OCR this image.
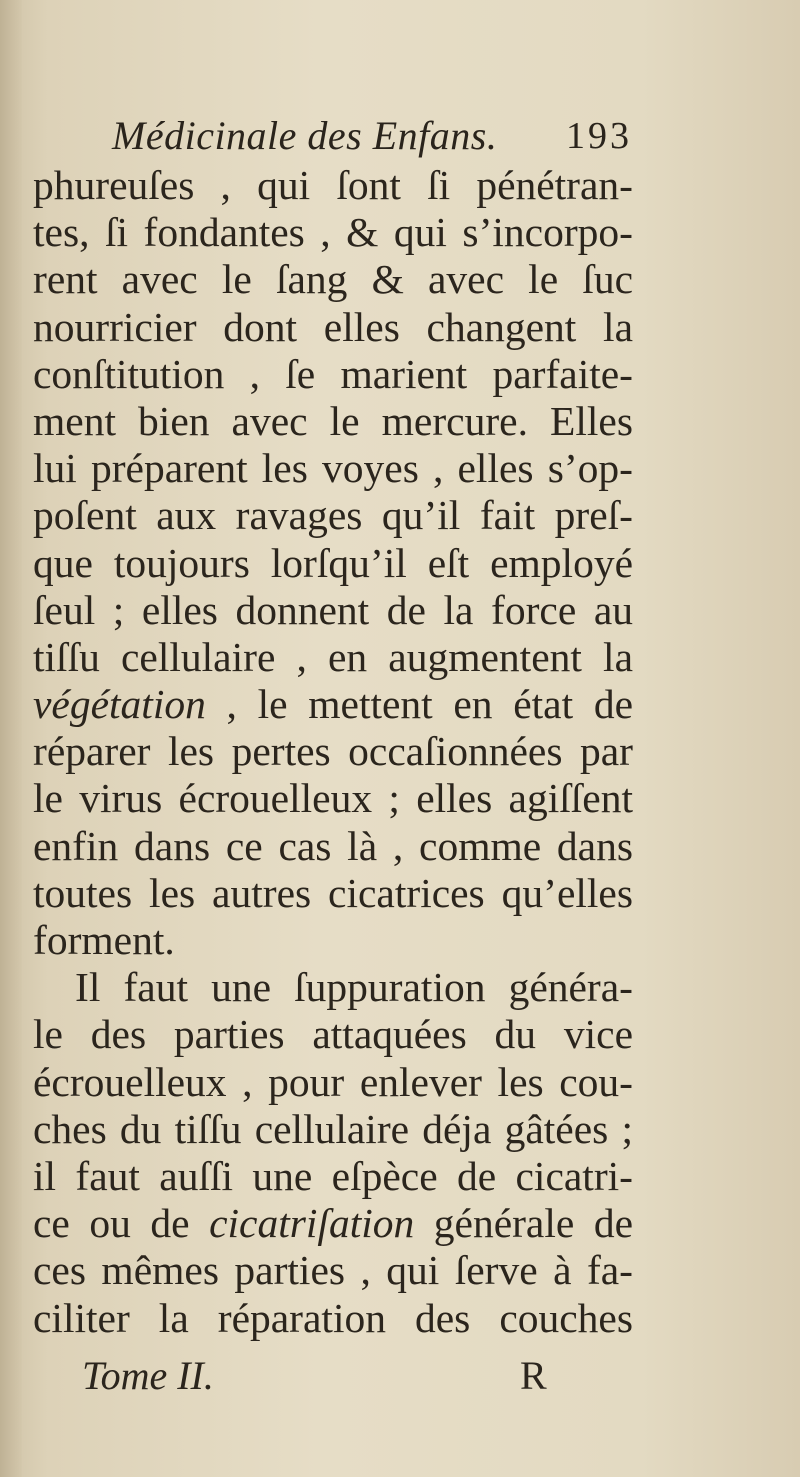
Médicinale des Enfans. 193
phureuſes , qui ſont ſi pénétran-
tes, ſi fondantes , & qui s’incorpo-
rent avec le ſang & avec le ſuc
nourricier dont elles changent la
conſtitution , ſe marient parfaite-
ment bien avec le mercure. Elles
lui préparent les voyes , elles s’op-
poſent aux ravages qu’il fait preſ-
que toujours lorſqu’il eſt employé
ſeul ; elles donnent de la force au
tiſſu cellulaire , en augmentent la
végétation , le mettent en état de
réparer les pertes occaſionnées par
le virus écrouelleux ; elles agiſſent
enfin dans ce cas là , comme dans
toutes les autres cicatrices qu’elles
forment.
Il faut une ſuppuration généra-
le des parties attaquées du vice
écrouelleux , pour enlever les cou-
ches du tiſſu cellulaire déja gâtées ;
il faut auſſi une eſpèce de cicatri-
ce ou de cicatriſation générale de
ces mêmes parties , qui ſerve à fa-
ciliter la réparation des couches
Tome II.	R
